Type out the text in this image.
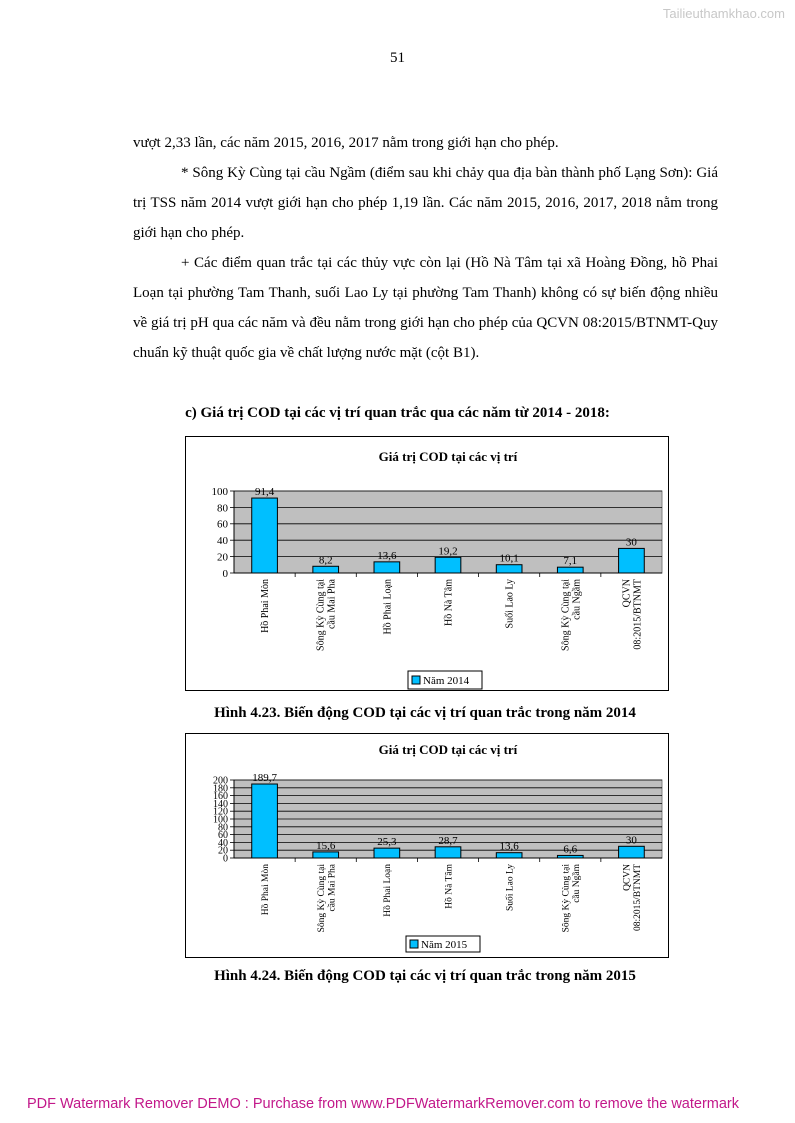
Tailieuthamkhao.com
51

vượt 2,33 lần, các năm 2015, 2016, 2017 nằm trong giới hạn cho phép.

* Sông Kỳ Cùng tại cầu Ngầm (điểm sau khi chảy qua địa bàn thành phố Lạng Sơn): Giá trị TSS năm 2014 vượt giới hạn cho phép 1,19 lần. Các năm 2015, 2016, 2017, 2018 nằm trong giới hạn cho phép.

+ Các điểm quan trắc tại các thủy vực còn lại (Hồ Nà Tâm tại xã Hoàng Đồng, hồ Phai Loạn tại phường Tam Thanh, suối Lao Ly tại phường Tam Thanh) không có sự biến động nhiều về giá trị pH qua các năm và đều nằm trong giới hạn cho phép của QCVN 08:2015/BTNMT-Quy chuẩn kỹ thuật quốc gia về chất lượng nước mặt (cột B1).

c) Giá trị COD tại các vị trí quan trắc qua các năm từ 2014 - 2018:
Giá trị COD tại các vị trí
0
20
40
60
80
100 91,4
Hồ Phai Mòn
8,2
Sông Kỳ Cùng tại cầu Mai Pha
13,6
Hồ Phai Loạn
19,2
Hồ Nà Tâm
10,1
Suối Lao Ly
7,1
Sông Kỳ Cùng tại cầu Ngầm
30
QCVN 08:2015/BTNMT
Năm 2014
Hình 4.23. Biến động COD tại các vị trí quan trắc trong năm 2014
Giá trị COD tại các vị trí
0
20
40
60
80
100
120
140
160
180
200 189,7
Hồ Phai Mòn
15,6
Sông Kỳ Cùng tại cầu Mai Pha
25,3
Hồ Phai Loạn
28,7
Hồ Nà Tâm
13,6
Suối Lao Ly
6,6
Sông Kỳ Cùng tại cầu Ngầm
30
QCVN 08:2015/BTNMT
Năm 2015
Hình 4.24. Biến động COD tại các vị trí quan trắc trong năm 2015
PDF Watermark Remover DEMO : Purchase from www.PDFWatermarkRemover.com to remove the watermark
